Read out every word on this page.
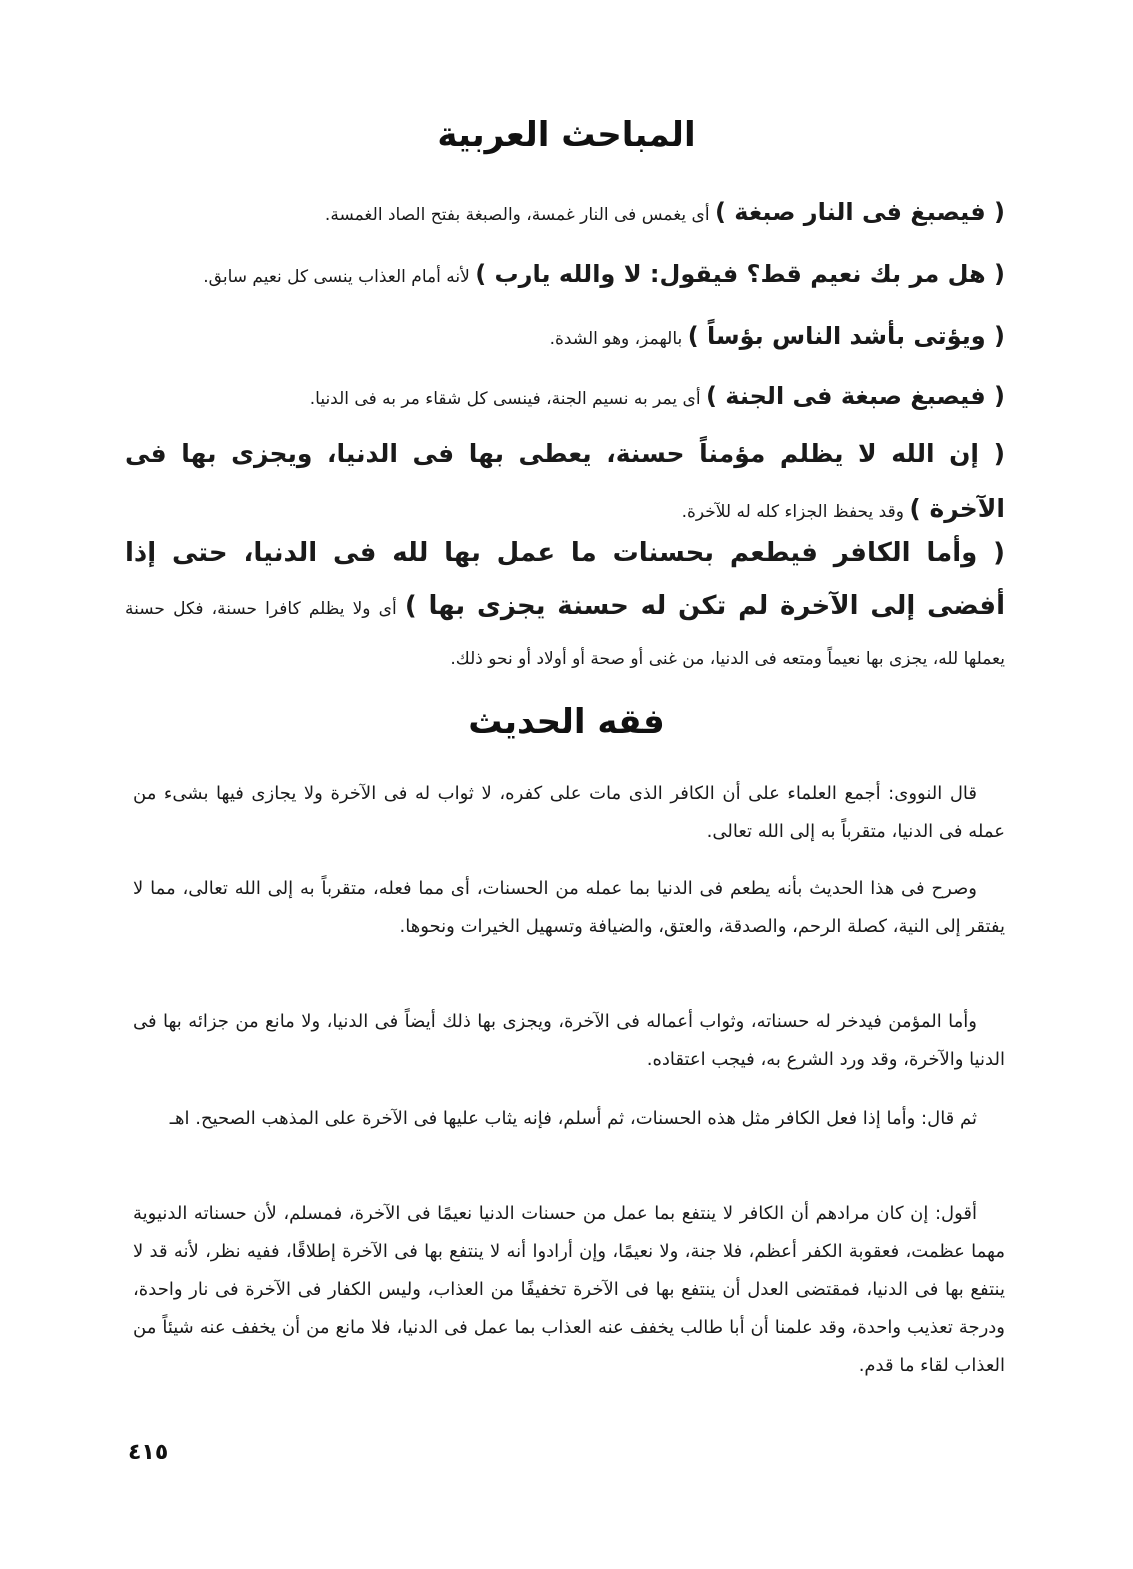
المباحث العربية
( فيصبغ فى النار صبغة ) أى يغمس فى النار غمسة، والصبغة بفتح الصاد الغمسة.
( هل مر بك نعيم قط؟ فيقول: لا والله يارب ) لأنه أمام العذاب ينسى كل نعيم سابق.
( ويؤتى بأشد الناس بؤساً ) بالهمز، وهو الشدة.
( فيصبغ صبغة فى الجنة ) أى يمر به نسيم الجنة، فينسى كل شقاء مر به فى الدنيا.
( إن الله لا يظلم مؤمناً حسنة، يعطى بها فى الدنيا، ويجزى بها فى الآخرة ) وقد يحفظ الجزاء كله له للآخرة.
( وأما الكافر فيطعم بحسنات ما عمل بها لله فى الدنيا، حتى إذا أفضى إلى الآخرة لم تكن له حسنة يجزى بها ) أى ولا يظلم كافرا حسنة، فكل حسنة يعملها لله، يجزى بها نعيماً ومتعه فى الدنيا، من غنى أو صحة أو أولاد أو نحو ذلك.
فقه الحديث
قال النووى: أجمع العلماء على أن الكافر الذى مات على كفره، لا ثواب له فى الآخرة ولا يجازى فيها بشىء من عمله فى الدنيا، متقرباً به إلى الله تعالى.
وصرح فى هذا الحديث بأنه يطعم فى الدنيا بما عمله من الحسنات، أى مما فعله، متقرباً به إلى الله تعالى، مما لا يفتقر إلى النية، كصلة الرحم، والصدقة، والعتق، والضيافة وتسهيل الخيرات ونحوها.
وأما المؤمن فيدخر له حسناته، وثواب أعماله فى الآخرة، ويجزى بها ذلك أيضاً فى الدنيا، ولا مانع من جزائه بها فى الدنيا والآخرة، وقد ورد الشرع به، فيجب اعتقاده.
ثم قال: وأما إذا فعل الكافر مثل هذه الحسنات، ثم أسلم، فإنه يثاب عليها فى الآخرة على المذهب الصحيح. اهـ
أقول: إن كان مرادهم أن الكافر لا ينتفع بما عمل من حسنات الدنيا نعيمًا فى الآخرة، فمسلم، لأن حسناته الدنيوية مهما عظمت، فعقوبة الكفر أعظم، فلا جنة، ولا نعيمًا، وإن أرادوا أنه لا ينتفع بها فى الآخرة إطلاقًا، ففيه نظر، لأنه قد لا ينتفع بها فى الدنيا، فمقتضى العدل أن ينتفع بها فى الآخرة تخفيفًا من العذاب، وليس الكفار فى الآخرة فى نار واحدة، ودرجة تعذيب واحدة، وقد علمنا أن أبا طالب يخفف عنه العذاب بما عمل فى الدنيا، فلا مانع من أن يخفف عنه شيئاً من العذاب لقاء ما قدم.
٤١٥
